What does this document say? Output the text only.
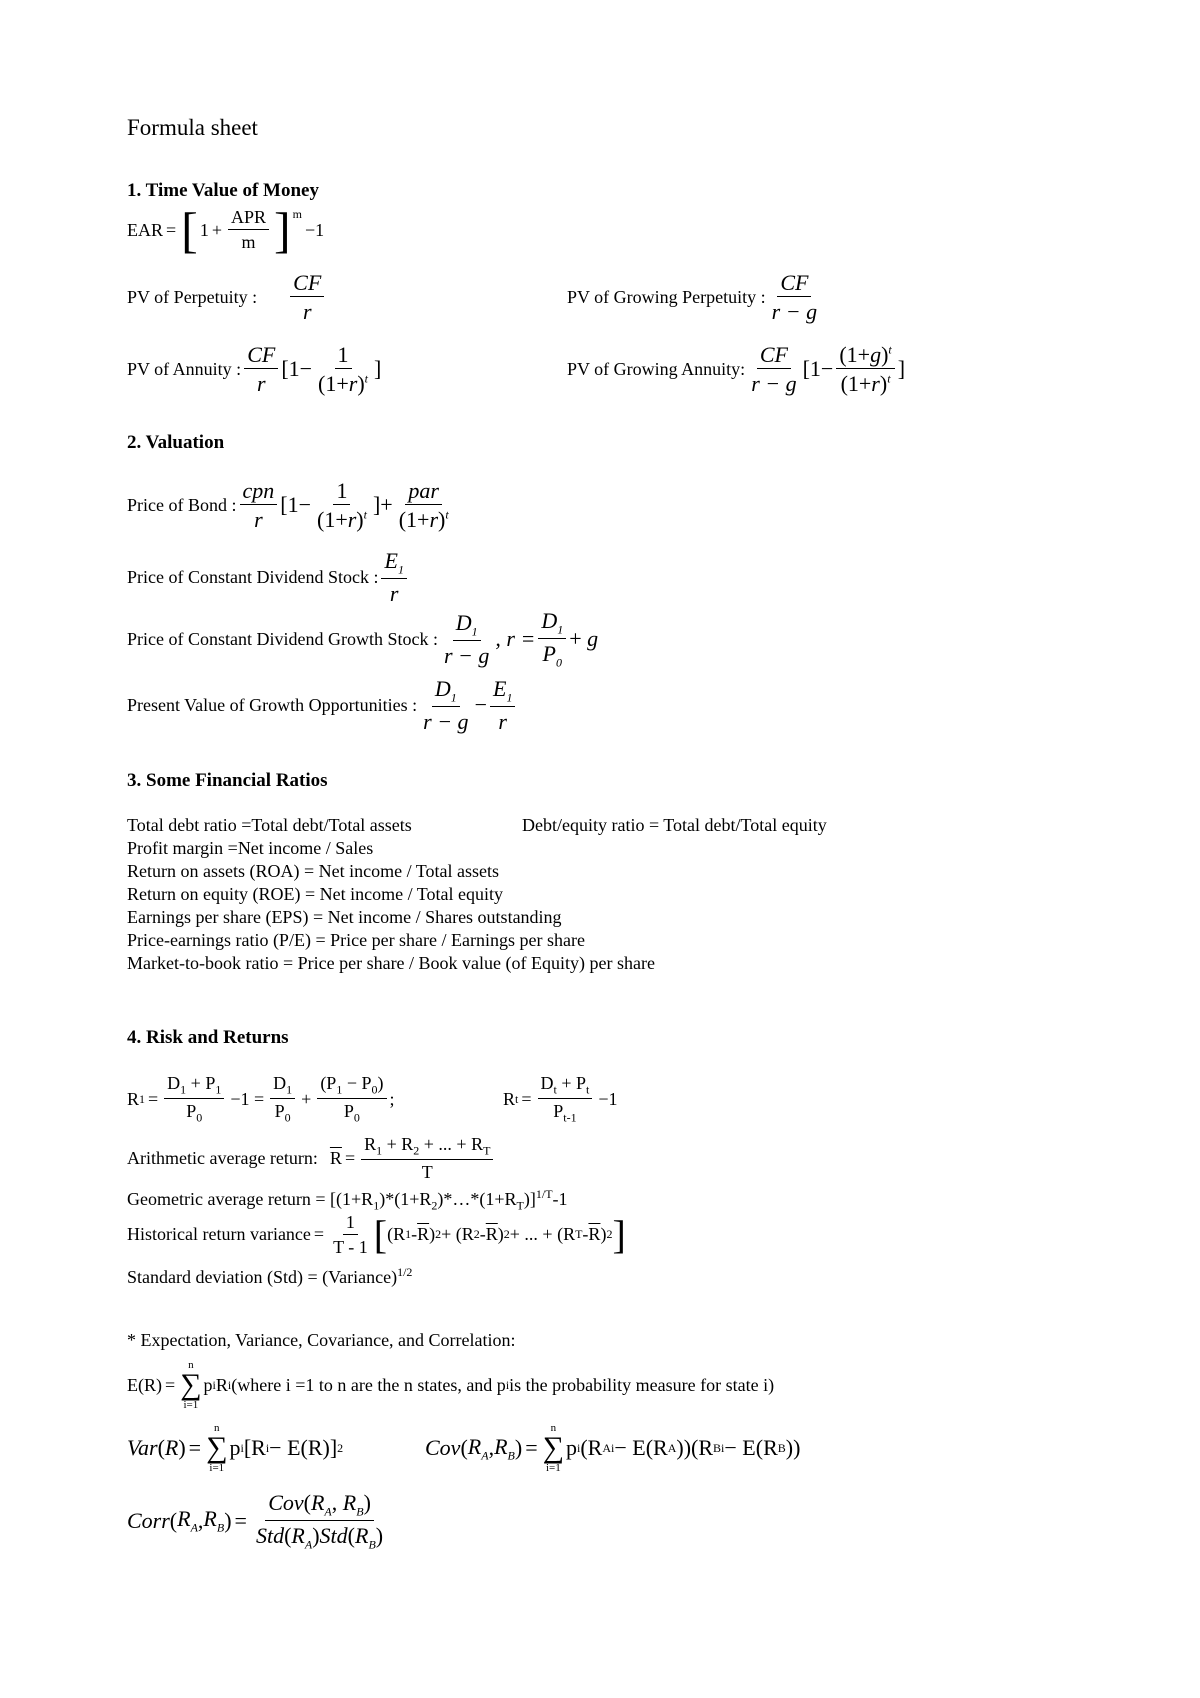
Formula sheet
1. Time Value of Money
EAR = [ $1 + \frac{\text{APR}}{m} ]^m$
−1
PV of Perpetuity : $\frac{CF}{r}$	PV of Growing Perpetuity : $\frac{CF}{r - g}$
PV of Annuity : $\frac{CF}{r} [1- \frac{1}{(1+r)^t}$ ]	PV of Growing Annuity: $\frac{CF}{r - g} [1- \frac{(1+g)^t}{(1+r)^t}$ ]
2. Valuation
Price of Bond : $\frac{\text{cpn}}{r} [1- \frac{1}{(1+r)^t}$ ]+ $\frac{\text{par}}{(1+r)^t}$
Price of Constant Dividend Stock : $\frac{E_1}{r}$
Price of Constant Dividend Growth Stock : $\frac{D_1}{r - g}$ , $r = \frac{D_1}{P_0} + g$
Present Value of Growth Opportunities : $\frac{D_1}{r - g} - \frac{E_1}{r}$
3. Some Financial Ratios
Total debt ratio =Total debt/Total assets	Debt/equity ratio = Total debt/Total equity
Profit margin =Net income / Sales
Return on assets (ROA) = Net income / Total assets
Return on equity (ROE) = Net income / Total equity
Earnings per share (EPS) = Net income / Shares outstanding
Price-earnings ratio (P/E) = Price per share / Earnings per share
Market-to-book ratio = Price per share / Book value (of Equity) per share
4. Risk and Returns
R $1 = \frac{D_1 + P_1}{P_0} -1 = \frac{D_1}{P_0} + \frac{(P_1 - P_0)}{P_0}$ ;	R $t = \frac{D_t + P_t}{P_{t-1}} -1$
Arithmetic average return: $\overline{R} = \frac{R_1 + R_2 + ... + R_T}{T}$
Geometric average return = $[(1+R_1)*(1+R_2)*\dots*(1+R_T)]^{1/T}-1$
Historical return variance = $\frac{1}{T - 1}$ [ (R $1 - \overline{R}$ ) 2 + (R $2 - \overline{R}$ ) 2 + ... + (R T - $\overline{R}$ ) 2 ]
Standard deviation (Std) = (Variance)$^{1/2}$
* Expectation, Variance, Covariance, and Correlation:
E(R) =
n
∑
i=1
p i R i (where i =1 to n are the n states, and p i is the probability measure for state i)
Var ( R ) =
n
∑
i=1
p i [R i − E(R)] 2	Cov ( $R_A$ , $R_B$ ) =
n
∑
i=1
p i (R Ai − E(R A ))(R Bi − E(R B ))
Corr ( $R_A$ , $R_B$ ) = $\frac{Cov(R_A, R_B)}{Std(R_A)Std(R_B)}$
